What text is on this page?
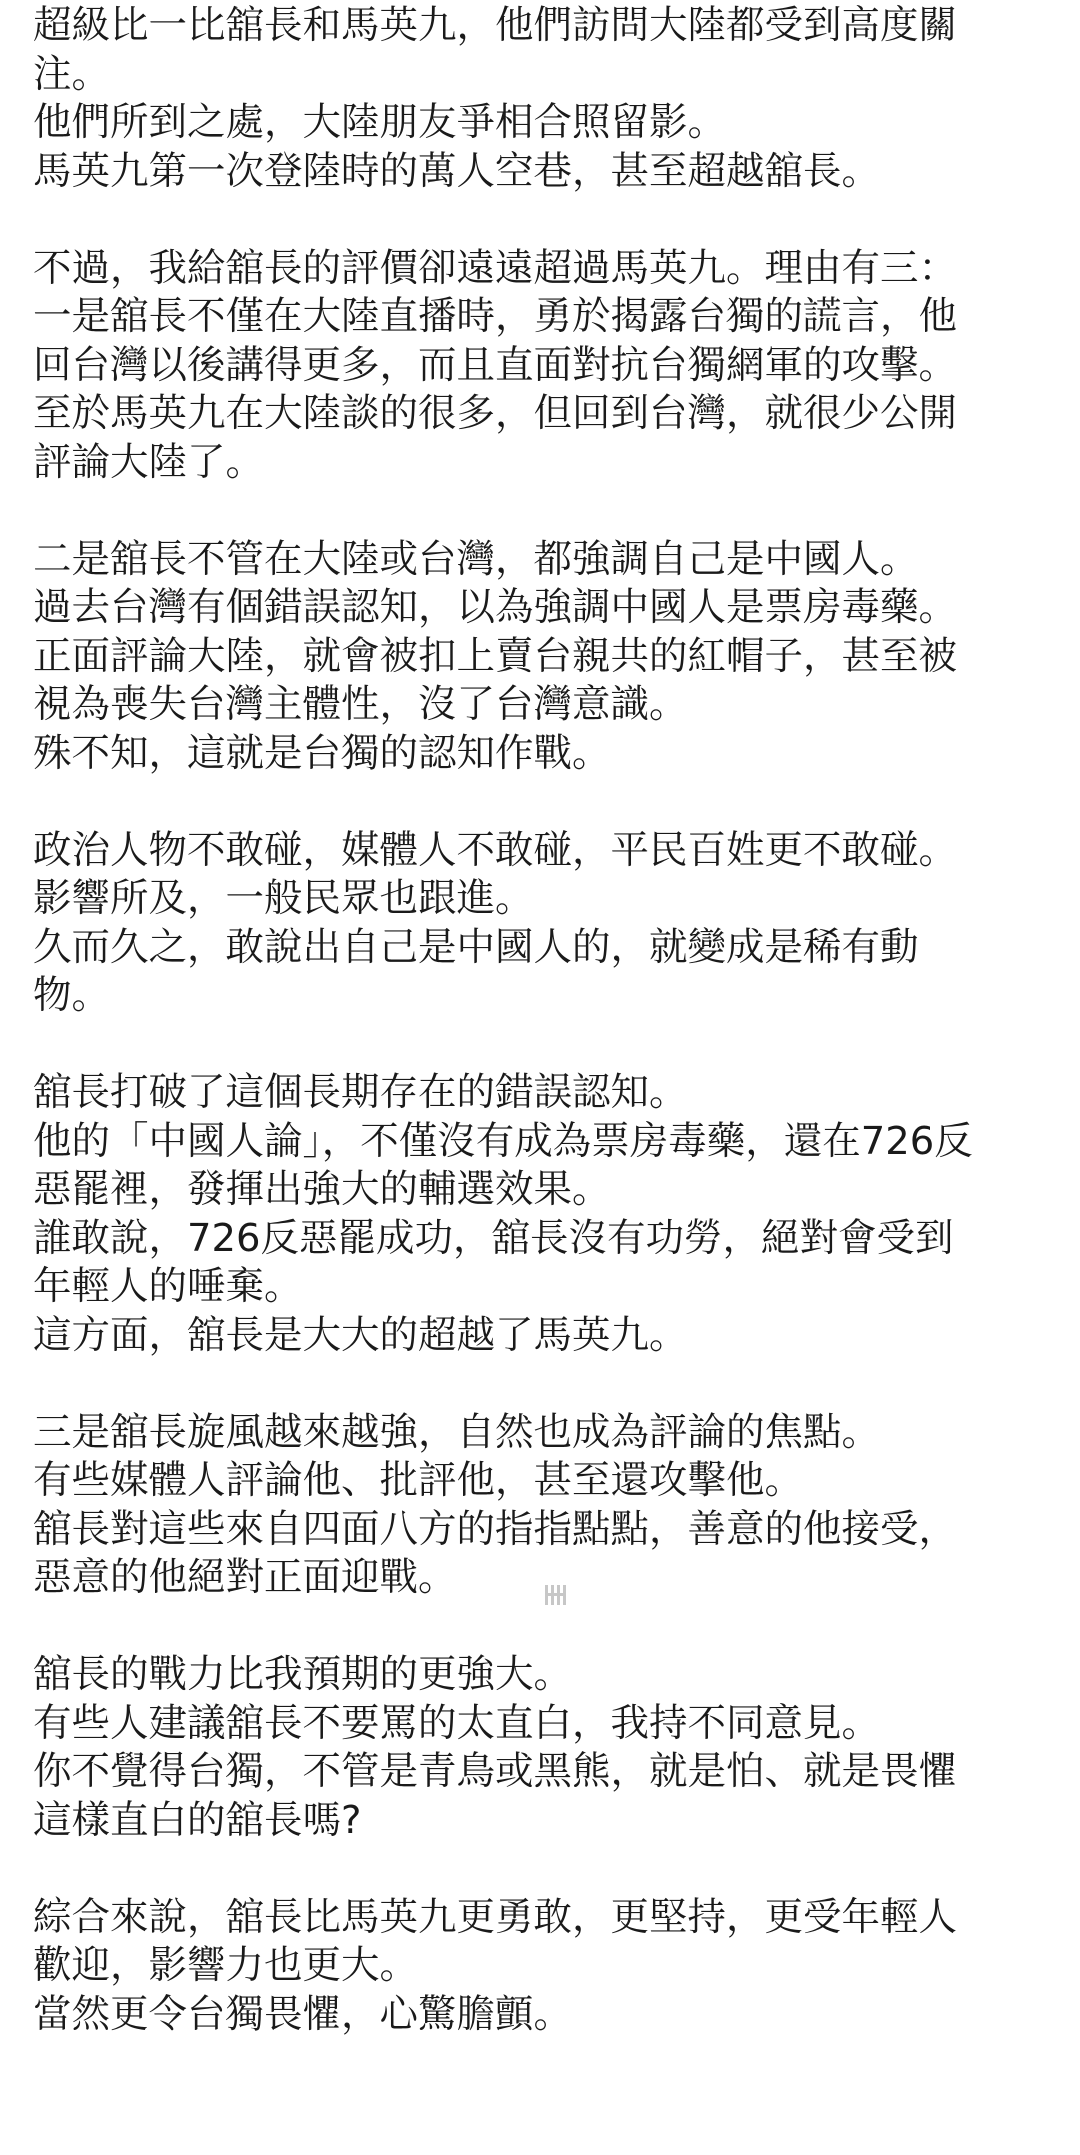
超級比一比舘長和馬英九，他們訪問大陸都受到高度關
注。
他們所到之處，大陸朋友爭相合照留影。
馬英九第一次登陸時的萬人空巷，甚至超越舘長。
不過，我給舘長的評價卻遠遠超過馬英九。理由有三：
一是舘長不僅在大陸直播時，勇於揭露台獨的謊言，他
回台灣以後講得更多，而且直面對抗台獨網軍的攻擊。
至於馬英九在大陸談的很多，但回到台灣，就很少公開
評論大陸了。
二是舘長不管在大陸或台灣，都強調自己是中國人。
過去台灣有個錯誤認知，以為強調中國人是票房毒藥。
正面評論大陸，就會被扣上賣台親共的紅帽子，甚至被
視為喪失台灣主體性，沒了台灣意識。
殊不知，這就是台獨的認知作戰。
政治人物不敢碰，媒體人不敢碰，平民百姓更不敢碰。
影響所及，一般民眾也跟進。
久而久之，敢說出自己是中國人的，就變成是稀有動
物。
舘長打破了這個長期存在的錯誤認知。
他的「中國人論」，不僅沒有成為票房毒藥，還在726反
惡罷裡，發揮出強大的輔選效果。
誰敢說，726反惡罷成功，舘長沒有功勞，絕對會受到
年輕人的唾棄。
這方面，舘長是大大的超越了馬英九。
三是舘長旋風越來越強，自然也成為評論的焦點。
有些媒體人評論他、批評他，甚至還攻擊他。
舘長對這些來自四面八方的指指點點，善意的他接受，
惡意的他絕對正面迎戰。
舘長的戰力比我預期的更強大。
有些人建議舘長不要罵的太直白，我持不同意見。
你不覺得台獨，不管是青鳥或黑熊，就是怕、就是畏懼
這樣直白的舘長嗎?
綜合來說，舘長比馬英九更勇敢，更堅持，更受年輕人
歡迎，影響力也更大。
當然更令台獨畏懼，心驚膽顫。
